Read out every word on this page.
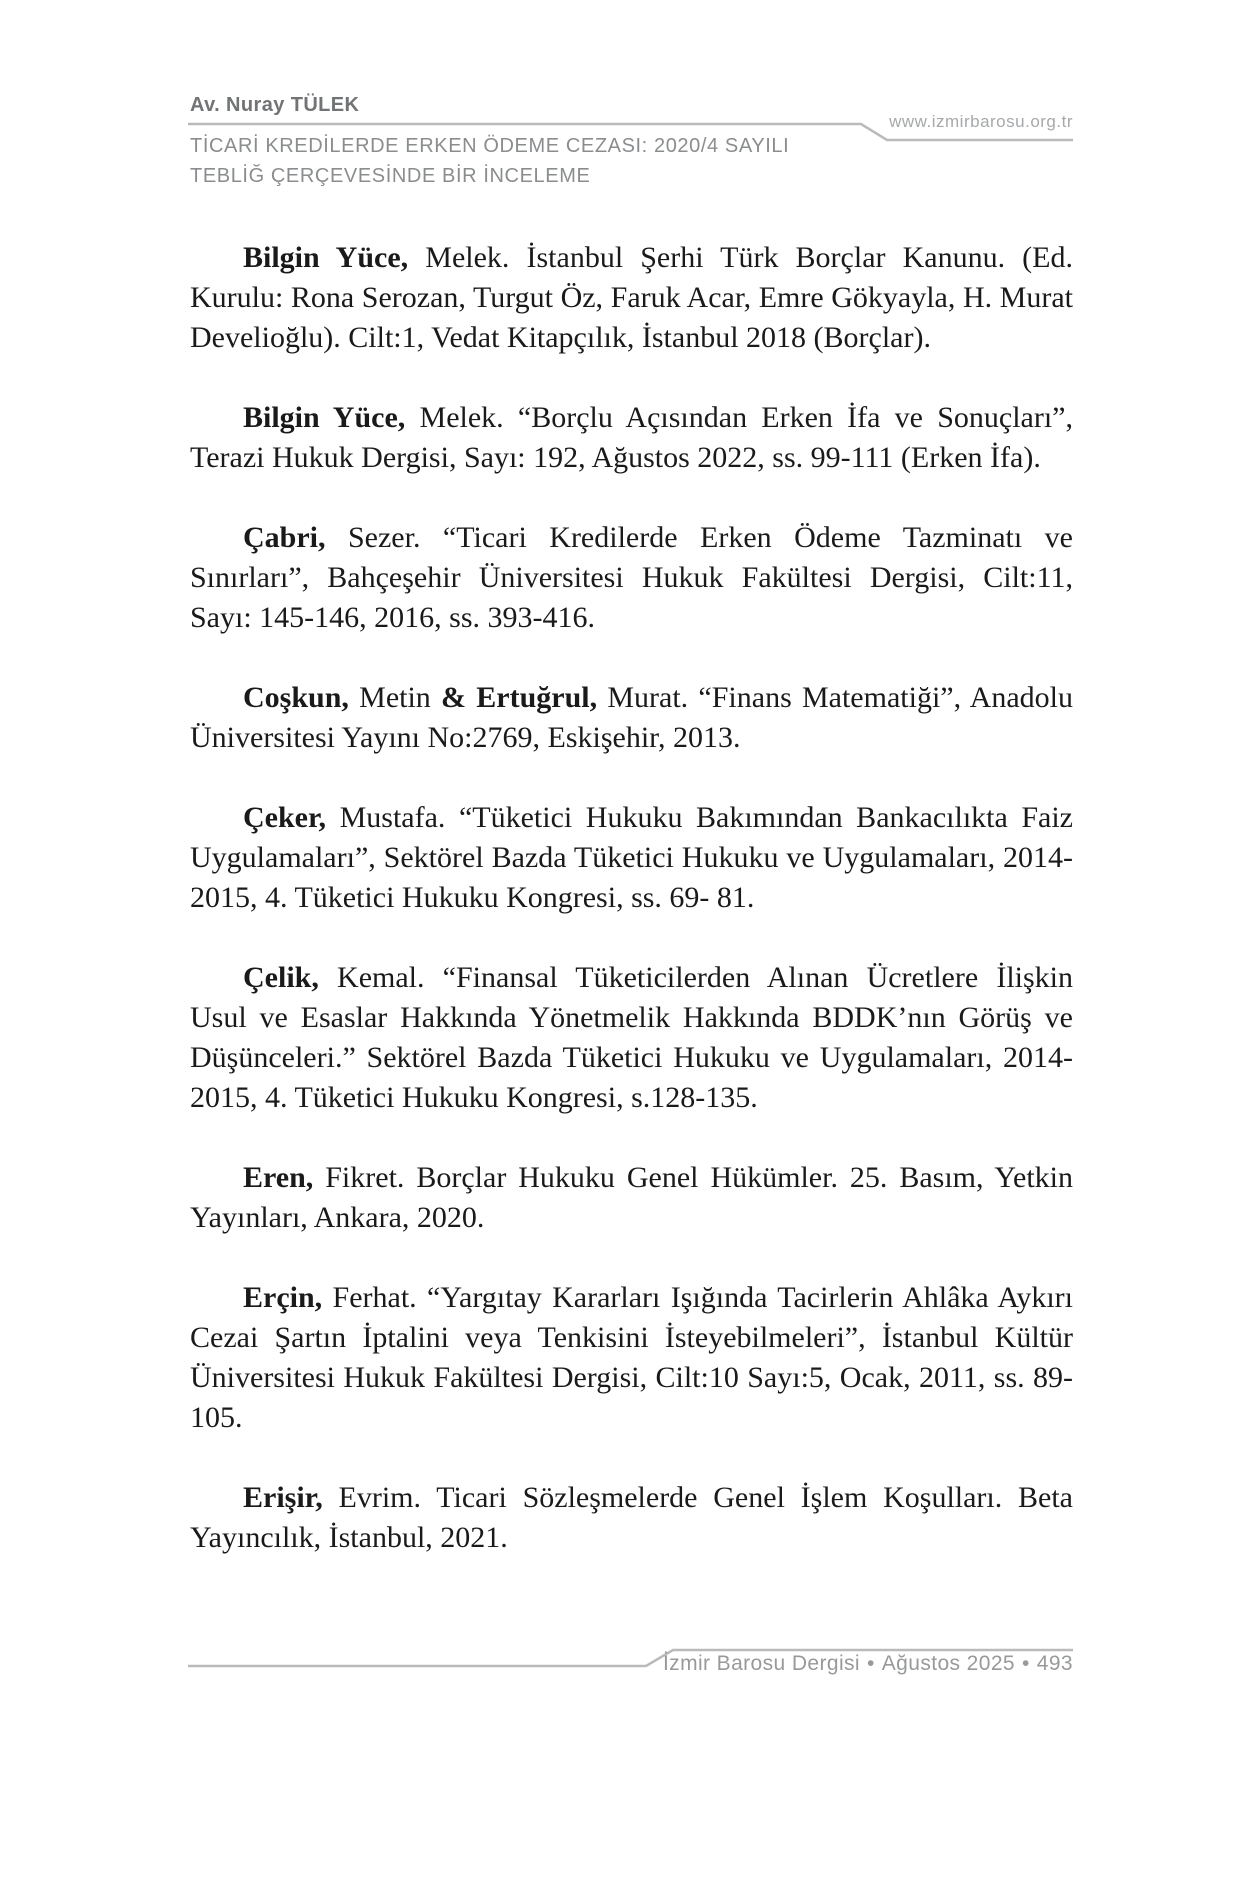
Av. Nuray TÜLEK
www.izmirbarosu.org.tr
TİCARİ KREDİLERDE ERKEN ÖDEME CEZASI: 2020/4 SAYILI
TEBLİĞ ÇERÇEVESİNDE BİR İNCELEME

Bilgin Yüce, Melek. İstanbul Şerhi Türk Borçlar Kanunu. (Ed. Kurulu: Rona Serozan, Turgut Öz, Faruk Acar, Emre Gökyayla, H. Murat Develioğlu). Cilt:1, Vedat Kitapçılık, İstanbul 2018 (Borçlar).

Bilgin Yüce, Melek. “Borçlu Açısından Erken İfa ve Sonuçları”, Terazi Hukuk Dergisi, Sayı: 192, Ağustos 2022, ss. 99-111 (Erken İfa).

Çabri, Sezer. “Ticari Kredilerde Erken Ödeme Tazminatı ve Sınırları”, Bahçeşehir Üniversitesi Hukuk Fakültesi Dergisi, Cilt:11, Sayı: 145-146, 2016, ss. 393-416.

Coşkun, Metin & Ertuğrul, Murat. “Finans Matematiği”, Anadolu Üniversitesi Yayını No:2769, Eskişehir, 2013.

Çeker, Mustafa. “Tüketici Hukuku Bakımından Bankacılıkta Faiz Uygulamaları”, Sektörel Bazda Tüketici Hukuku ve Uygulamaları, 2014-2015, 4. Tüketici Hukuku Kongresi, ss. 69- 81.

Çelik, Kemal. “Finansal Tüketicilerden Alınan Ücretlere İlişkin Usul ve Esaslar Hakkında Yönetmelik Hakkında BDDK’nın Görüş ve Düşünceleri.” Sektörel Bazda Tüketici Hukuku ve Uygulamaları, 2014-2015, 4. Tüketici Hukuku Kongresi, s.128-135.

Eren, Fikret. Borçlar Hukuku Genel Hükümler. 25. Basım, Yetkin Yayınları, Ankara, 2020.

Erçin, Ferhat. “Yargıtay Kararları Işığında Tacirlerin Ahlâka Aykırı Cezai Şartın İptalini veya Tenkisini İsteyebilmeleri”, İstanbul Kültür Üniversitesi Hukuk Fakültesi Dergisi, Cilt:10 Sayı:5, Ocak, 2011, ss. 89-105.

Erişir, Evrim. Ticari Sözleşmelerde Genel İşlem Koşulları. Beta Yayıncılık, İstanbul, 2021.

İzmir Barosu Dergisi • Ağustos 2025 • 493
